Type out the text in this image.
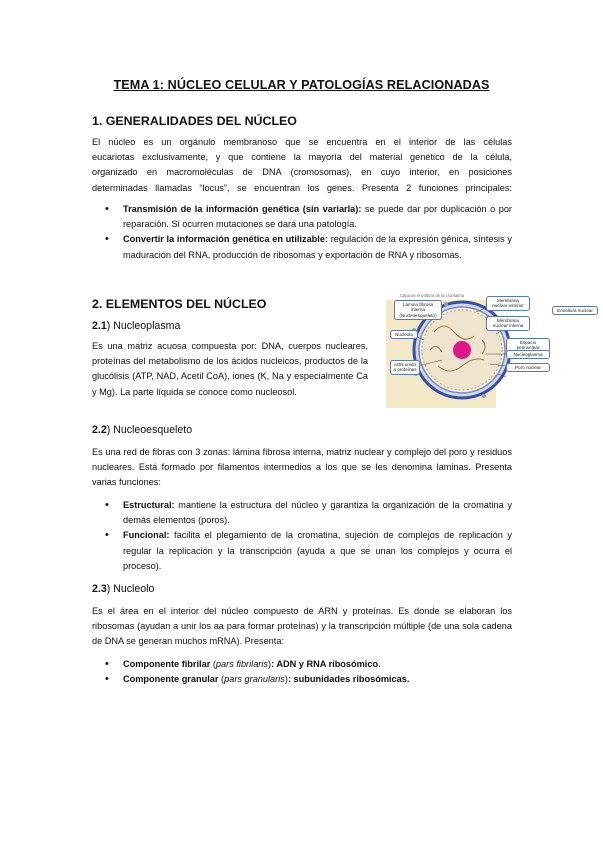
TEMA 1: NÚCLEO CELULAR Y PATOLOGÍAS RELACIONADAS
1. GENERALIDADES DEL NÚCLEO
El núcleo es un orgánulo membranoso que se encuentra en el interior de las células
eucariotas exclusivamente, y que contiene la mayoría del material genético de la célula,
organizado en macromoléculas de DNA (cromosomas), en cuyo interior, en posiciones
determinadas llamadas “locus”, se encuentran los genes. Presenta 2 funciones principales:
• Transmisión de la información genética (sin variarla): se puede dar por duplicación o por reparación. Si ocurren mutaciones se dará una patología.
• Convertir la información genética en utilizable: regulación de la expresión génica, síntesis y maduración del RNA, producción de ribosomas y exportación de RNA y ribosomas.
2. ELEMENTOS DEL NÚCLEO
2.1) Nucleoplasma
Es una matriz acuosa compuesta por: DNA, cuerpos nucleares, proteínas del metabolismo de los ácidos nucleicos, productos de la glucólisis (ATP, NAD, Acetil CoA), iones (K, Na y especialmente Ca y Mg). La parte líquida se conoce como nucleosol.
Capa de envoltura de la cromatina
Lámina fibrosa interna (Nucleoesqueleto)
Membrana nuclear exterior
Membrana nuclear interna
Envoltura nuclear
Nucleolo
Espacio perinuclear
Nucleoplasma
ADN unido a proteínas	Poro nuclear
2.2) Nucleoesqueleto
Es una red de fibras con 3 zonas: lámina fibrosa interna, matriz nuclear y complejo del poro y residuos nucleares. Está formado por filamentos intermedios a los que se les denomina laminas. Presenta varias funciones:
• Estructural: mantiene la estructura del núcleo y garantiza la organización de la cromatina y demás elementos (poros).
• Funcional: facilita el plegamiento de la cromatina, sujeción de complejos de replicación y regular la replicación y la transcripción (ayuda a que se unan los complejos y ocurra el proceso).
2.3) Nucleolo
Es el área en el interior del núcleo compuesto de ARN y proteínas. Es donde se elaboran los ribosomas (ayudan a unir los aa para formar proteínas) y la transcripción múltiple (de una sola cadena de DNA se generan muchos mRNA). Presenta:
• Componente fibrilar (pars fibrilaris): ADN y RNA ribosómico.
• Componente granular (pars granularis): subunidades ribosómicas.
